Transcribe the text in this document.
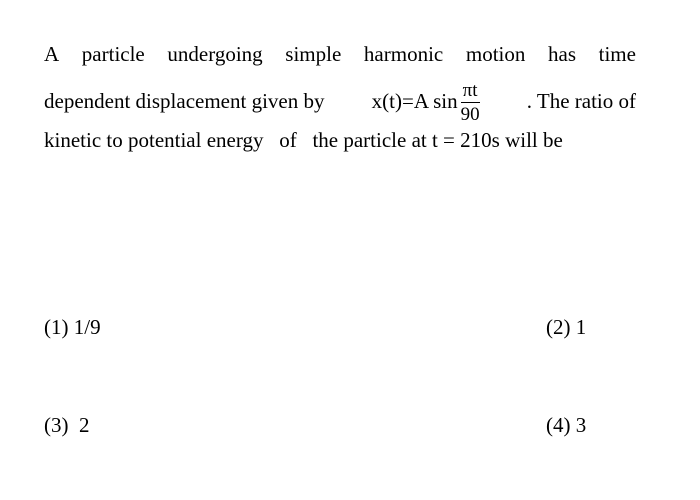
A particle undergoing simple harmonic motion has time
dependent displacement given by x(t)=A $\sin \frac{\pi t}{90}$ . The ratio of
kinetic to potential energy   of   the particle at t = 210s will be
(1) 1/9	(2) 1
(3)  2	(4) 3
